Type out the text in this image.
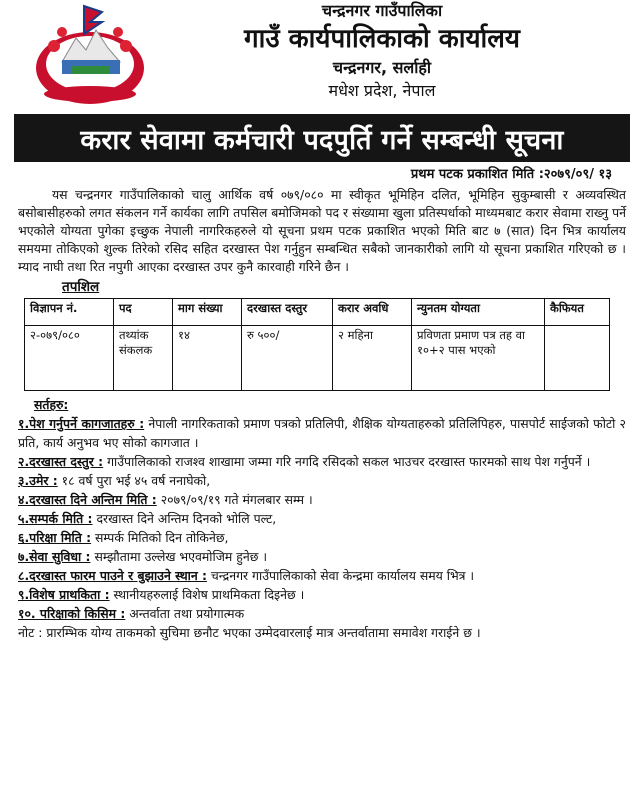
चन्द्रनगर गाउँपालिका
गाउँ कार्यपालिकाको कार्यालय
चन्द्रनगर, सर्लाही
मधेश प्रदेश, नेपाल
करार सेवामा कर्मचारी पदपुर्ति गर्ने सम्बन्धी सूचना
प्रथम पटक प्रकाशित मिति :२०७९/०९/ १३
यस चन्द्रनगर गाउँपालिकाको चालु आर्थिक वर्ष ०७९/०८० मा स्वीकृत भूमिहिन दलित, भूमिहिन सुकुम्बासी र अव्यवस्थित बसोबासीहरुको लगत संकलन गर्ने कार्यका लागि तपसिल बमोजिमको पद र संख्यामा खुला प्रतिस्पर्धाको माध्यमबाट करार सेवामा राख्नु पर्ने भएकोले योग्यता पुगेका इच्छुक नेपाली नागरिकहरुले यो सूचना प्रथम पटक प्रकाशित भएको मिति बाट ७ (सात) दिन भित्र कार्यालय समयमा तोकिएको शुल्क तिरेको रसिद सहित दरखास्त पेश गर्नुहुन सम्बन्धित सबैको जानकारीको लागि यो सूचना प्रकाशित गरिएको छ । म्याद नाघी तथा रित नपुगी आएका दरखास्त उपर कुनै कारवाही गरिने छैन ।
तपशिल
विज्ञापन नं.	पद	माग संख्या	दरखास्त दस्तुर	करार अवधि	न्युनतम योग्यता	कैफियत
२-०७९/०८०	तथ्यांक संकलक	१४	रु ५००/	२ महिना	प्रविणता प्रमाण पत्र तह वा १०+२ पास भएको	
सर्तहरु:
१.पेश गर्नुपर्ने कागजातहरु : नेपाली नागरिकताको प्रमाण पत्रको प्रतिलिपी, शैक्षिक योग्यताहरुको प्रतिलिपिहरु, पासपोर्ट साईजको फोटो २ प्रति, कार्य अनुभव भए सोको कागजात ।
२.दरखास्त दस्तुर : गाउँपालिकाको राजश्व शाखामा जम्मा गरि नगदि रसिदको सकल भाउचर दरखास्त फारमको साथ पेश गर्नुपर्ने ।
३.उमेर : १८ वर्ष पुरा भई ४५ वर्ष ननाघेको,
४.दरखास्त दिने अन्तिम मिति : २०७९/०९/१९ गते मंगलबार सम्म ।
५.सम्पर्क मिति : दरखास्त दिने अन्तिम दिनको भोलि पल्ट,
६.परिक्षा मिति : सम्पर्क मितिको दिन तोकिनेछ,
७.सेवा सुविधा : सम्झौतामा उल्लेख भएवमोजिम हुनेछ ।
८.दरखास्त फारम पाउने र बुझाउने स्थान : चन्द्रनगर गाउँपालिकाको सेवा केन्द्रमा कार्यालय समय भित्र ।
९.विशेष प्राथकिता : स्थानीयहरुलाई विशेष प्राथमिकता दिइनेछ ।
१०. परिक्षाको किसिम : अन्तर्वाता तथा प्रयोगात्मक
नोट : प्रारम्भिक योग्य ताकमको सुचिमा छनौट भएका उम्मेदवारलाई मात्र अन्तर्वातामा समावेश गराईने छ ।
